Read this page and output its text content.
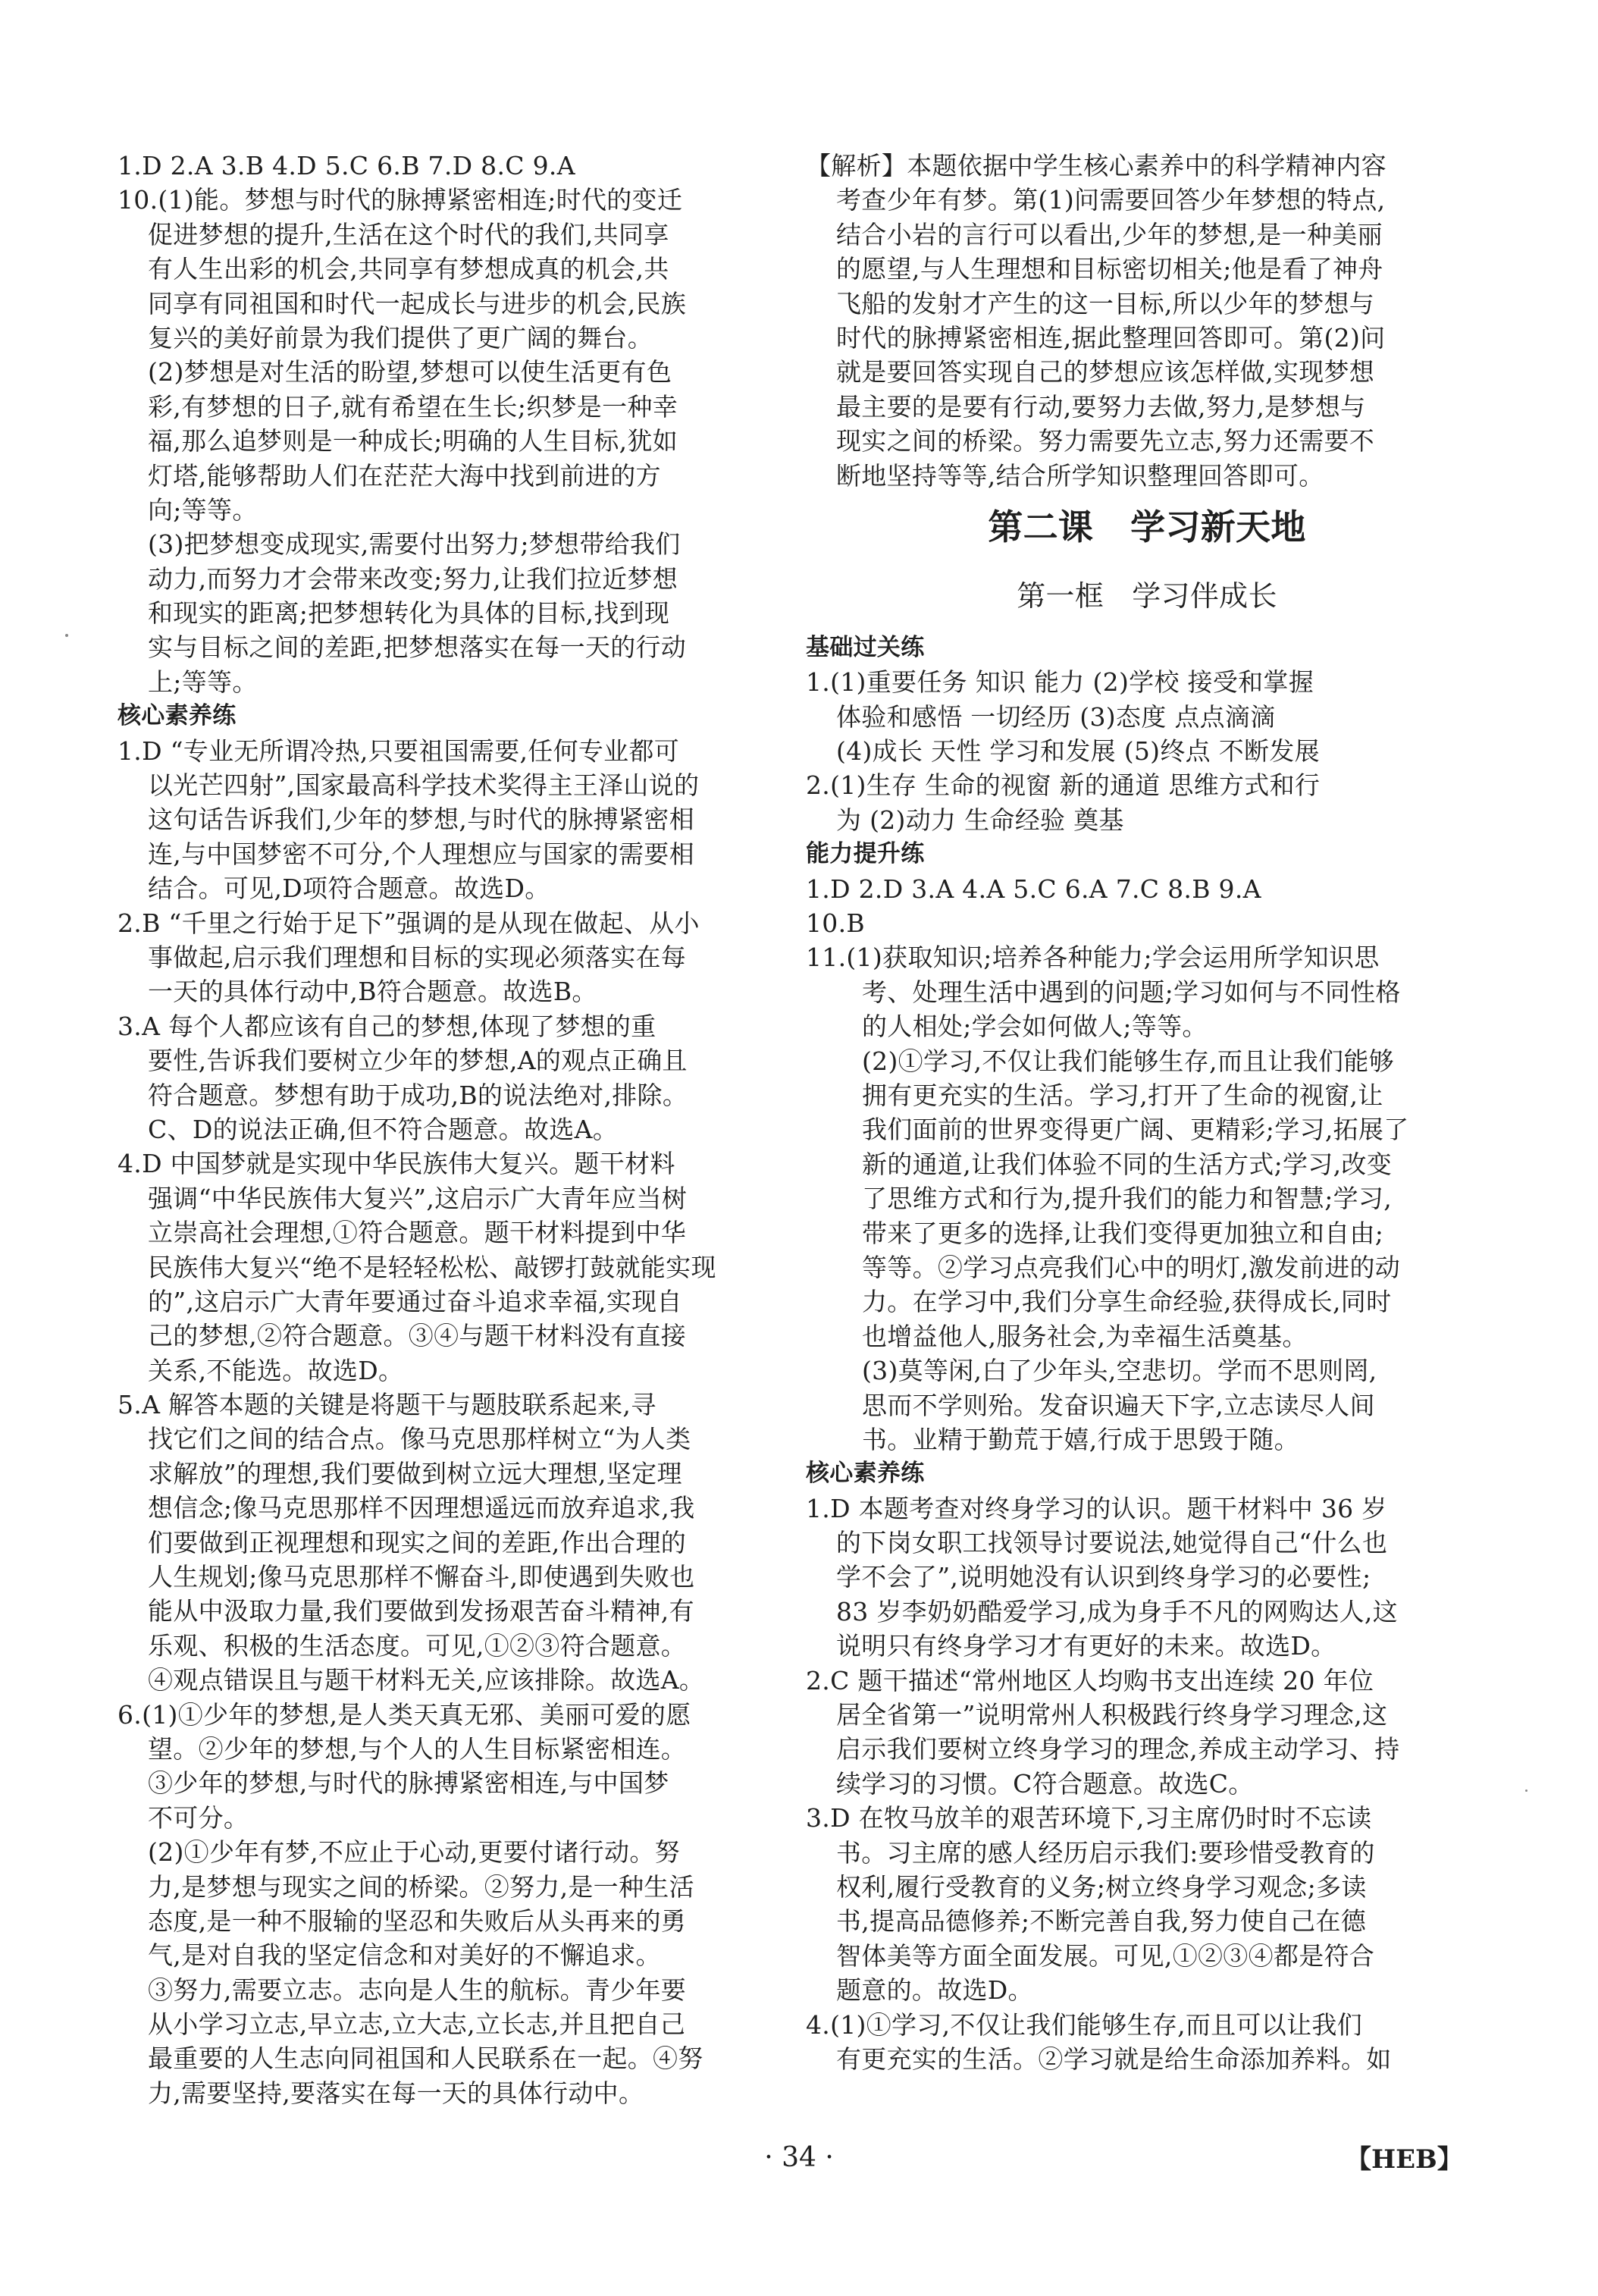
1.D 2.A 3.B 4.D 5.C 6.B 7.D 8.C 9.A
10.(1)能。梦想与时代的脉搏紧密相连;时代的变迁
促进梦想的提升,生活在这个时代的我们,共同享
有人生出彩的机会,共同享有梦想成真的机会,共
同享有同祖国和时代一起成长与进步的机会,民族
复兴的美好前景为我们提供了更广阔的舞台。
(2)梦想是对生活的盼望,梦想可以使生活更有色
彩,有梦想的日子,就有希望在生长;织梦是一种幸
福,那么追梦则是一种成长;明确的人生目标,犹如
灯塔,能够帮助人们在茫茫大海中找到前进的方
向;等等。
(3)把梦想变成现实,需要付出努力;梦想带给我们
动力,而努力才会带来改变;努力,让我们拉近梦想
和现实的距离;把梦想转化为具体的目标,找到现
实与目标之间的差距,把梦想落实在每一天的行动
上;等等。
核心素养练
1.D “专业无所谓冷热,只要祖国需要,任何专业都可
以光芒四射”,国家最高科学技术奖得主王泽山说的
这句话告诉我们,少年的梦想,与时代的脉搏紧密相
连,与中国梦密不可分,个人理想应与国家的需要相
结合。可见,D项符合题意。故选D。
2.B “千里之行始于足下”强调的是从现在做起、从小
事做起,启示我们理想和目标的实现必须落实在每
一天的具体行动中,B符合题意。故选B。
3.A 每个人都应该有自己的梦想,体现了梦想的重
要性,告诉我们要树立少年的梦想,A的观点正确且
符合题意。梦想有助于成功,B的说法绝对,排除。
C、D的说法正确,但不符合题意。故选A。
4.D 中国梦就是实现中华民族伟大复兴。题干材料
强调“中华民族伟大复兴”,这启示广大青年应当树
立崇高社会理想,①符合题意。题干材料提到中华
民族伟大复兴“绝不是轻轻松松、敲锣打鼓就能实现
的”,这启示广大青年要通过奋斗追求幸福,实现自
己的梦想,②符合题意。③④与题干材料没有直接
关系,不能选。故选D。
5.A 解答本题的关键是将题干与题肢联系起来,寻
找它们之间的结合点。像马克思那样树立“为人类
求解放”的理想,我们要做到树立远大理想,坚定理
想信念;像马克思那样不因理想遥远而放弃追求,我
们要做到正视理想和现实之间的差距,作出合理的
人生规划;像马克思那样不懈奋斗,即使遇到失败也
能从中汲取力量,我们要做到发扬艰苦奋斗精神,有
乐观、积极的生活态度。可见,①②③符合题意。
④观点错误且与题干材料无关,应该排除。故选A。
6.(1)①少年的梦想,是人类天真无邪、美丽可爱的愿
望。②少年的梦想,与个人的人生目标紧密相连。
③少年的梦想,与时代的脉搏紧密相连,与中国梦
不可分。
(2)①少年有梦,不应止于心动,更要付诸行动。努
力,是梦想与现实之间的桥梁。②努力,是一种生活
态度,是一种不服输的坚忍和失败后从头再来的勇
气,是对自我的坚定信念和对美好的不懈追求。
③努力,需要立志。志向是人生的航标。青少年要
从小学习立志,早立志,立大志,立长志,并且把自己
最重要的人生志向同祖国和人民联系在一起。④努
力,需要坚持,要落实在每一天的具体行动中。
【解析】本题依据中学生核心素养中的科学精神内容
考查少年有梦。第(1)问需要回答少年梦想的特点,
结合小岩的言行可以看出,少年的梦想,是一种美丽
的愿望,与人生理想和目标密切相关;他是看了神舟
飞船的发射才产生的这一目标,所以少年的梦想与
时代的脉搏紧密相连,据此整理回答即可。第(2)问
就是要回答实现自己的梦想应该怎样做,实现梦想
最主要的是要有行动,要努力去做,努力,是梦想与
现实之间的桥梁。努力需要先立志,努力还需要不
断地坚持等等,结合所学知识整理回答即可。
第二课   学习新天地
第一框   学习伴成长
基础过关练
1.(1)重要任务 知识 能力 (2)学校 接受和掌握
体验和感悟 一切经历 (3)态度 点点滴滴
(4)成长 天性 学习和发展 (5)终点 不断发展
2.(1)生存 生命的视窗 新的通道 思维方式和行
为 (2)动力 生命经验 奠基
能力提升练
1.D 2.D 3.A 4.A 5.C 6.A 7.C 8.B 9.A
10.B
11.(1)获取知识;培养各种能力;学会运用所学知识思
考、处理生活中遇到的问题;学习如何与不同性格
的人相处;学会如何做人;等等。
(2)①学习,不仅让我们能够生存,而且让我们能够
拥有更充实的生活。学习,打开了生命的视窗,让
我们面前的世界变得更广阔、更精彩;学习,拓展了
新的通道,让我们体验不同的生活方式;学习,改变
了思维方式和行为,提升我们的能力和智慧;学习,
带来了更多的选择,让我们变得更加独立和自由;
等等。②学习点亮我们心中的明灯,激发前进的动
力。在学习中,我们分享生命经验,获得成长,同时
也增益他人,服务社会,为幸福生活奠基。
(3)莫等闲,白了少年头,空悲切。学而不思则罔,
思而不学则殆。发奋识遍天下字,立志读尽人间
书。业精于勤荒于嬉,行成于思毁于随。
核心素养练
1.D 本题考查对终身学习的认识。题干材料中 36 岁
的下岗女职工找领导讨要说法,她觉得自己“什么也
学不会了”,说明她没有认识到终身学习的必要性;
83 岁李奶奶酷爱学习,成为身手不凡的网购达人,这
说明只有终身学习才有更好的未来。故选D。
2.C 题干描述“常州地区人均购书支出连续 20 年位
居全省第一”说明常州人积极践行终身学习理念,这
启示我们要树立终身学习的理念,养成主动学习、持
续学习的习惯。C符合题意。故选C。
3.D 在牧马放羊的艰苦环境下,习主席仍时时不忘读
书。习主席的感人经历启示我们:要珍惜受教育的
权利,履行受教育的义务;树立终身学习观念;多读
书,提高品德修养;不断完善自我,努力使自己在德
智体美等方面全面发展。可见,①②③④都是符合
题意的。故选D。
4.(1)①学习,不仅让我们能够生存,而且可以让我们
有更充实的生活。②学习就是给生命添加养料。如
· 34 ·	【HEB】
